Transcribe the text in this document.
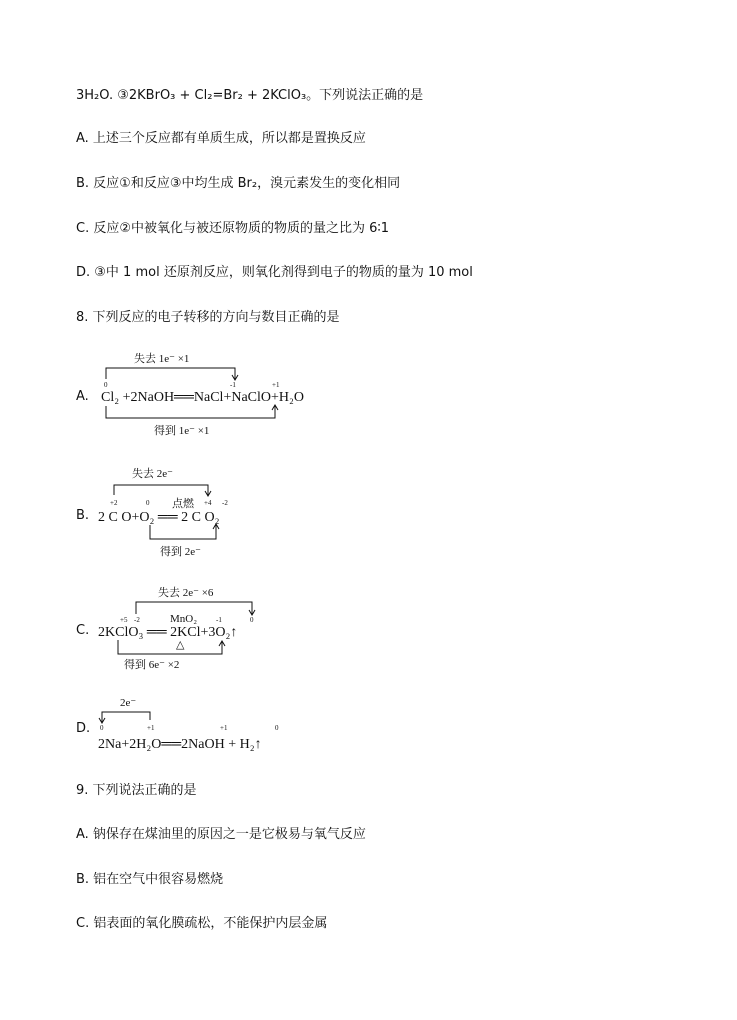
3H₂O. ③2KBrO₃ + Cl₂=Br₂ + 2KClO₃。下列说法正确的是
A. 上述三个反应都有单质生成，所以都是置换反应
B. 反应①和反应③中均生成 Br₂，溴元素发生的变化相同
C. 反应②中被氧化与被还原物质的物质的量之比为 6∶1
D. ③中 1 mol 还原剂反应，则氧化剂得到电子的物质的量为 10 mol
8. 下列反应的电子转移的方向与数目正确的是
A.
失去 1e⁻ ×1
0	-1	+1
Cl₂ +2NaOH══NaCl+NaClO+H₂O
得到 1e⁻ ×1
B.
失去 2e⁻
+2	0	+4 -2
点燃
2 C O+O₂ ══ 2 C O₂
得到 2e⁻
C.
失去 2e⁻ ×6
+5 -2	-1	0
MnO₂
2KClO₃ ══ 2KCl+3O₂↑
△
得到 6e⁻ ×2
D.
2e⁻
0	+1	+1	0
2Na+2H₂O══2NaOH + H₂↑
9. 下列说法正确的是
A. 钠保存在煤油里的原因之一是它极易与氧气反应
B. 铝在空气中很容易燃烧
C. 铝表面的氧化膜疏松，不能保护内层金属
